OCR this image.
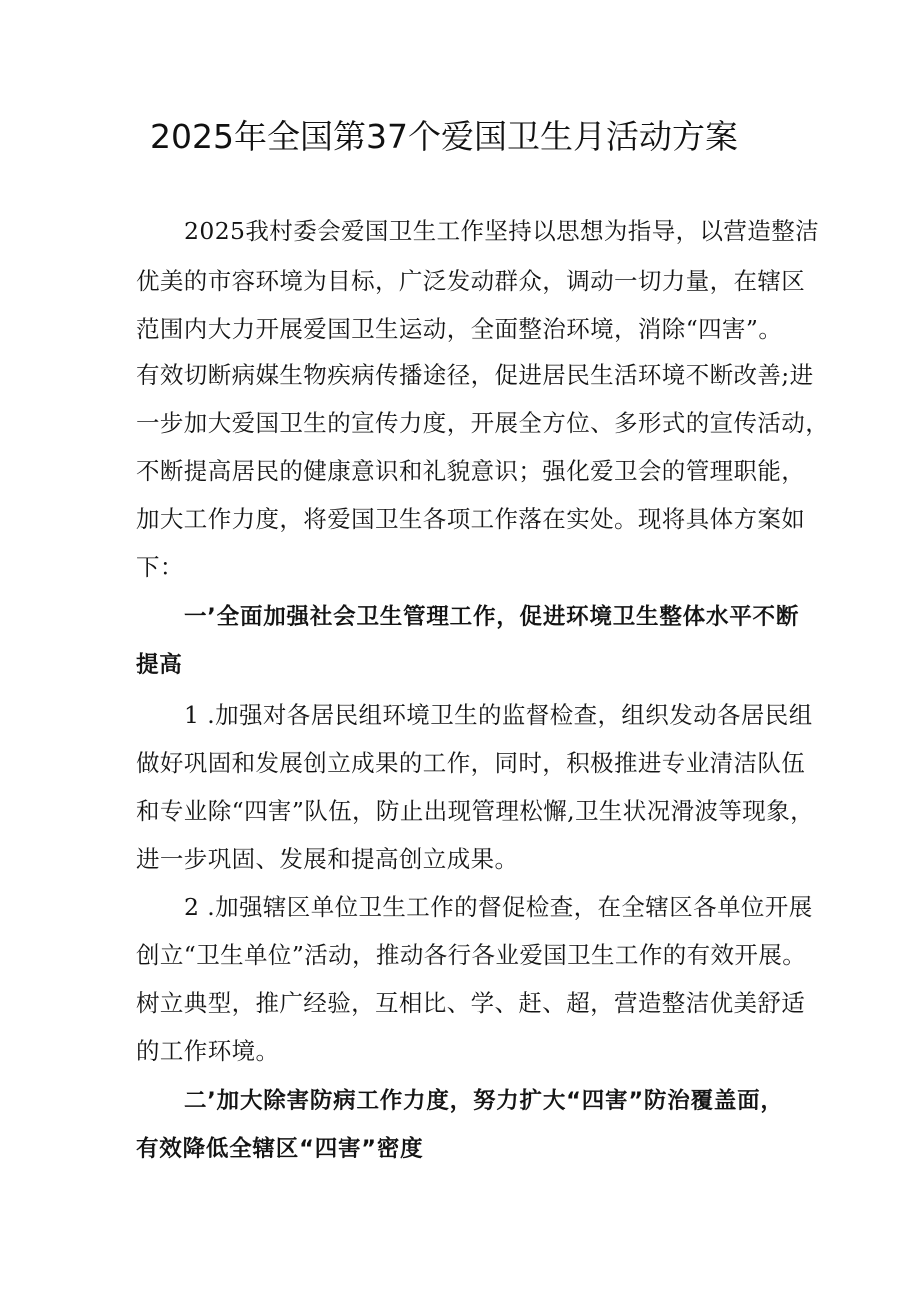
2025年全国第37个爱国卫生月活动方案
2025我村委会爱国卫生工作坚持以思想为指导，以营造整洁
优美的市容环境为目标，广泛发动群众，调动一切力量，在辖区
范围内大力开展爱国卫生运动，全面整治环境，消除“四害”。
有效切断病媒生物疾病传播途径，促进居民生活环境不断改善;进
一步加大爱国卫生的宣传力度，开展全方位、多形式的宣传活动，
不断提高居民的健康意识和礼貌意识；强化爱卫会的管理职能，
加大工作力度，将爱国卫生各项工作落在实处。现将具体方案如
下：
一’全面加强社会卫生管理工作，促进环境卫生整体水平不断
提高
1 .加强对各居民组环境卫生的监督检查，组织发动各居民组
做好巩固和发展创立成果的工作，同时，积极推进专业清洁队伍
和专业除“四害”队伍，防止出现管理松懈,卫生状况滑波等现象，
进一步巩固、发展和提高创立成果。
2 .加强辖区单位卫生工作的督促检查，在全辖区各单位开展
创立“卫生单位”活动，推动各行各业爱国卫生工作的有效开展。
树立典型，推广经验，互相比、学、赶、超，营造整洁优美舒适
的工作环境。
二’加大除害防病工作力度，努力扩大“四害”防治覆盖面，
有效降低全辖区“四害”密度
